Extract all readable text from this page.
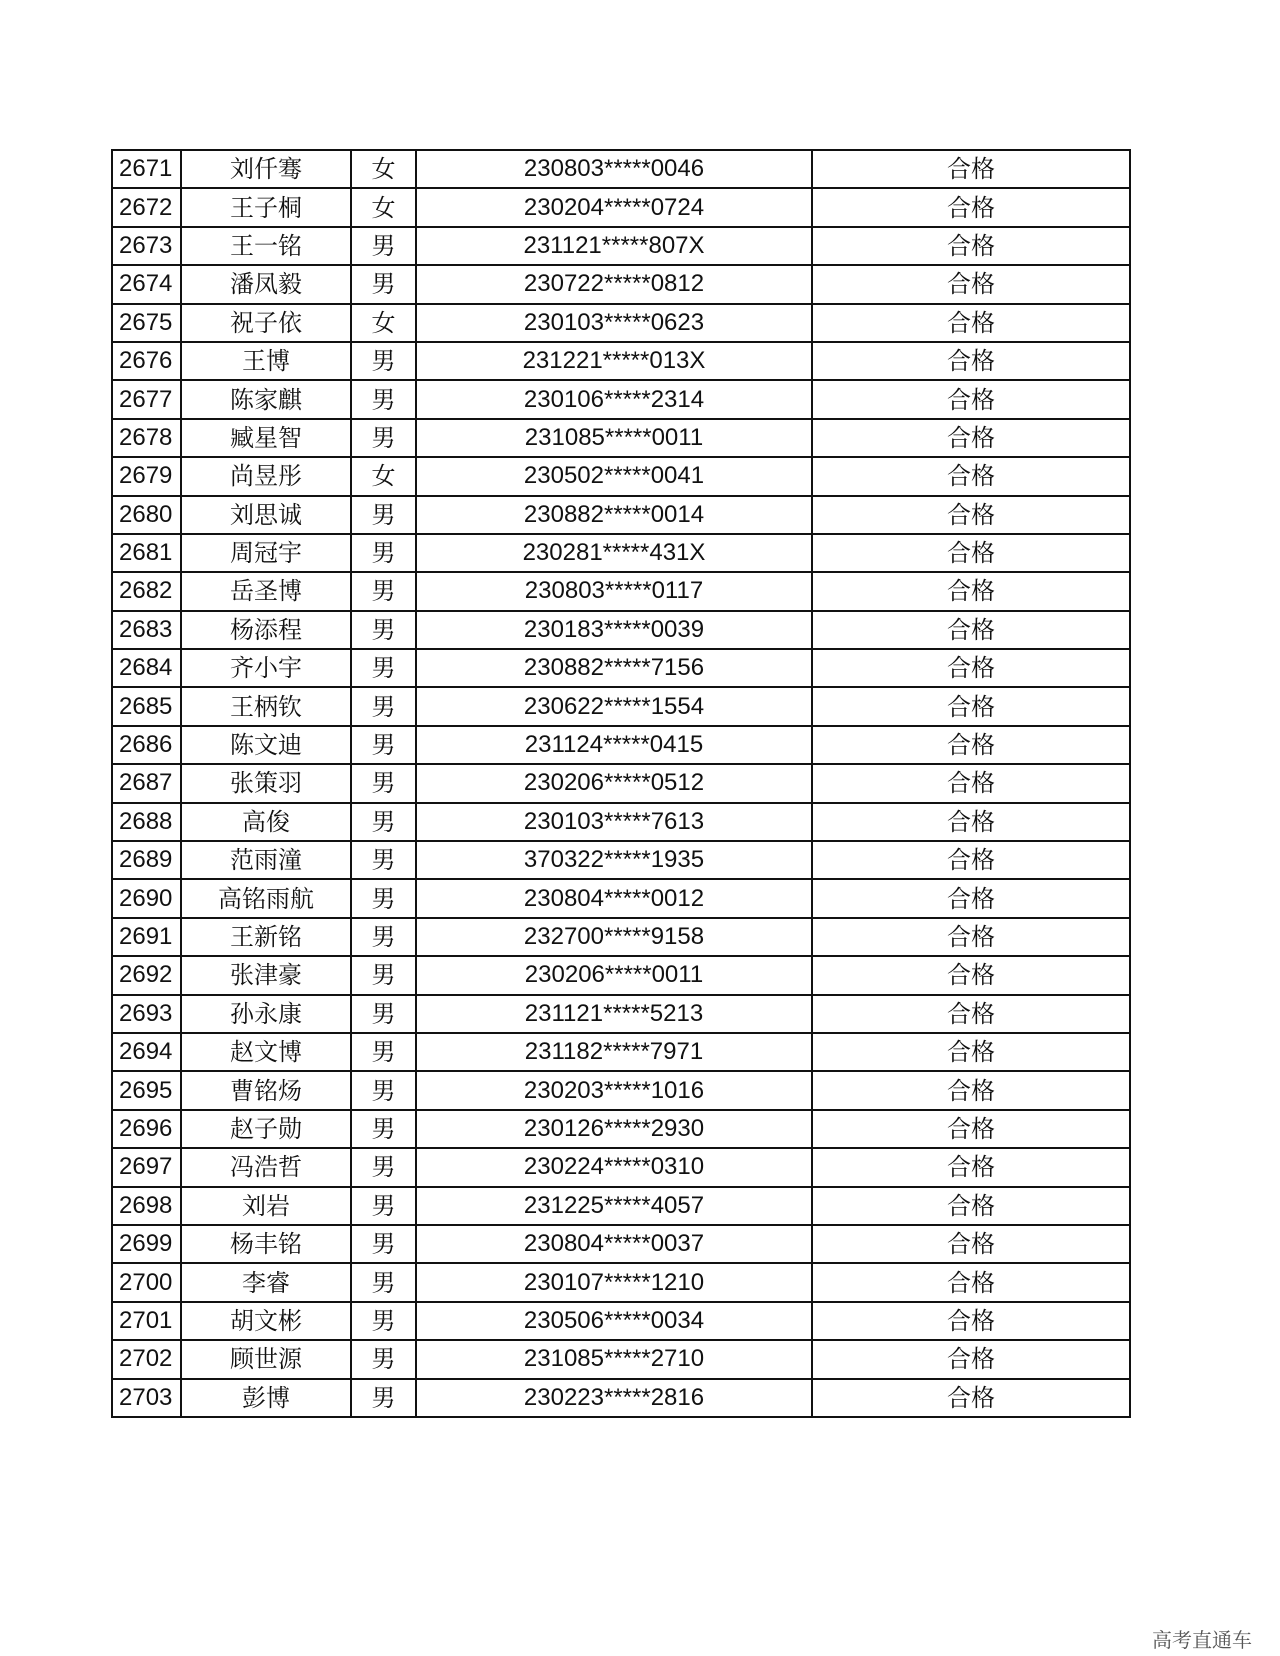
2671	刘仟骞	女	230803*****0046	合格
2672	王子桐	女	230204*****0724	合格
2673	王一铭	男	231121*****807X	合格
2674	潘凤毅	男	230722*****0812	合格
2675	祝子依	女	230103*****0623	合格
2676	王博	男	231221*****013X	合格
2677	陈家麒	男	230106*****2314	合格
2678	臧星智	男	231085*****0011	合格
2679	尚昱彤	女	230502*****0041	合格
2680	刘思诚	男	230882*****0014	合格
2681	周冠宇	男	230281*****431X	合格
2682	岳圣博	男	230803*****0117	合格
2683	杨添程	男	230183*****0039	合格
2684	齐小宇	男	230882*****7156	合格
2685	王柄钦	男	230622*****1554	合格
2686	陈文迪	男	231124*****0415	合格
2687	张策羽	男	230206*****0512	合格
2688	高俊	男	230103*****7613	合格
2689	范雨潼	男	370322*****1935	合格
2690	高铭雨航	男	230804*****0012	合格
2691	王新铭	男	232700*****9158	合格
2692	张津豪	男	230206*****0011	合格
2693	孙永康	男	231121*****5213	合格
2694	赵文博	男	231182*****7971	合格
2695	曹铭炀	男	230203*****1016	合格
2696	赵子勋	男	230126*****2930	合格
2697	冯浩哲	男	230224*****0310	合格
2698	刘岩	男	231225*****4057	合格
2699	杨丰铭	男	230804*****0037	合格
2700	李睿	男	230107*****1210	合格
2701	胡文彬	男	230506*****0034	合格
2702	顾世源	男	231085*****2710	合格
2703	彭博	男	230223*****2816	合格
高考直通车
